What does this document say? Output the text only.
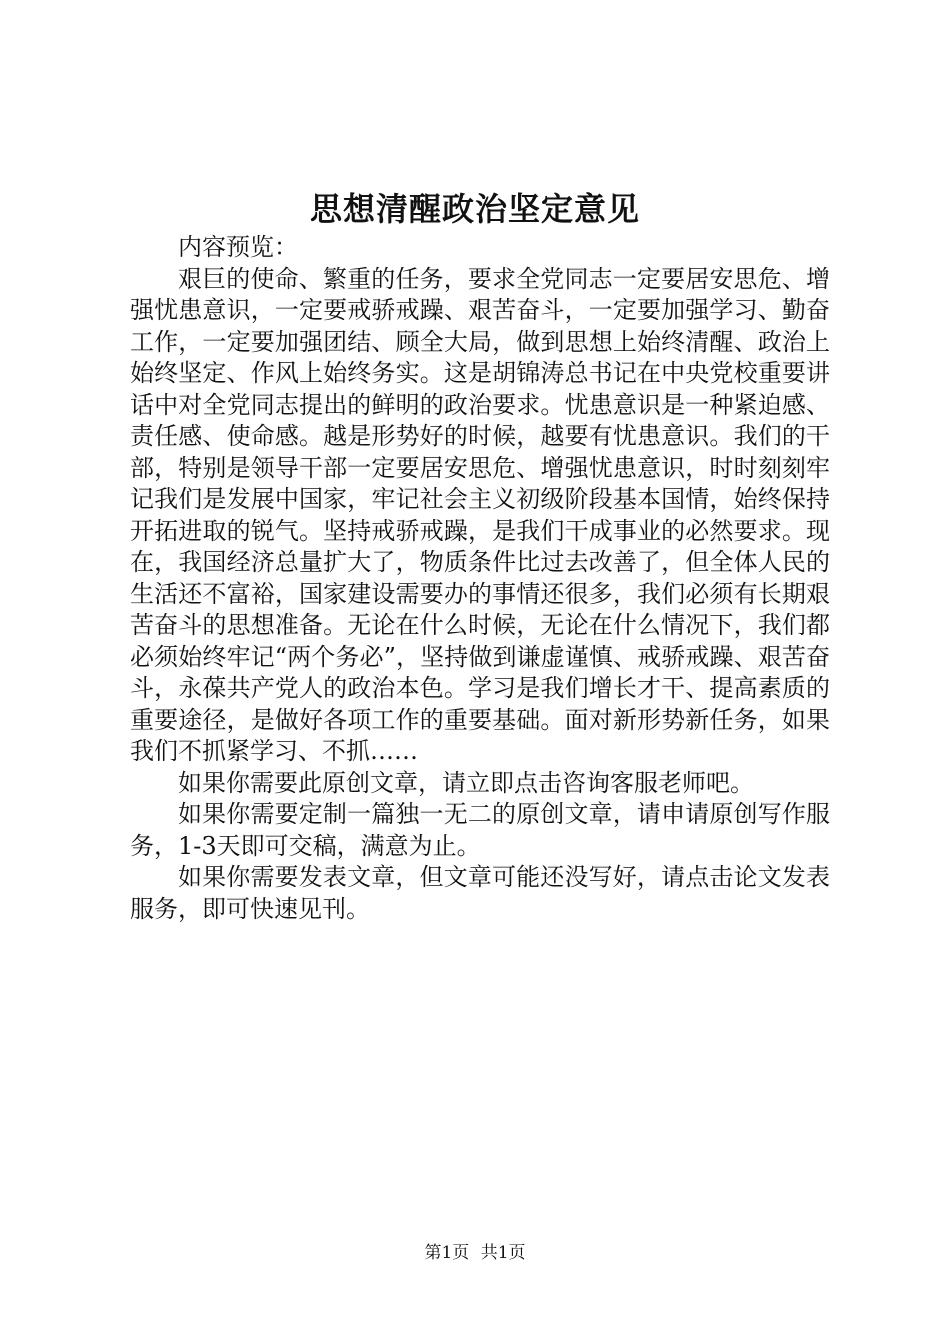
思想清醒政治坚定意见

内容预览：

艰巨的使命、繁重的任务，要求全党同志一定要居安思危、增强忧患意识，一定要戒骄戒躁、艰苦奋斗，一定要加强学习、勤奋工作，一定要加强团结、顾全大局，做到思想上始终清醒、政治上始终坚定、作风上始终务实。这是胡锦涛总书记在中央党校重要讲话中对全党同志提出的鲜明的政治要求。忧患意识是一种紧迫感、责任感、使命感。越是形势好的时候，越要有忧患意识。我们的干部，特别是领导干部一定要居安思危、增强忧患意识，时时刻刻牢记我们是发展中国家，牢记社会主义初级阶段基本国情，始终保持开拓进取的锐气。坚持戒骄戒躁，是我们干成事业的必然要求。现在，我国经济总量扩大了，物质条件比过去改善了，但全体人民的生活还不富裕，国家建设需要办的事情还很多，我们必须有长期艰苦奋斗的思想准备。无论在什么时候，无论在什么情况下，我们都必须始终牢记“两个务必”，坚持做到谦虚谨慎、戒骄戒躁、艰苦奋斗，永葆共产党人的政治本色。学习是我们增长才干、提高素质的重要途径，是做好各项工作的重要基础。面对新形势新任务，如果我们不抓紧学习、不抓……

如果你需要此原创文章，请立即点击咨询客服老师吧。

如果你需要定制一篇独一无二的原创文章，请申请原创写作服务，1-3天即可交稿，满意为止。

如果你需要发表文章，但文章可能还没写好，请点击论文发表服务，即可快速见刊。

第1页 共1页
